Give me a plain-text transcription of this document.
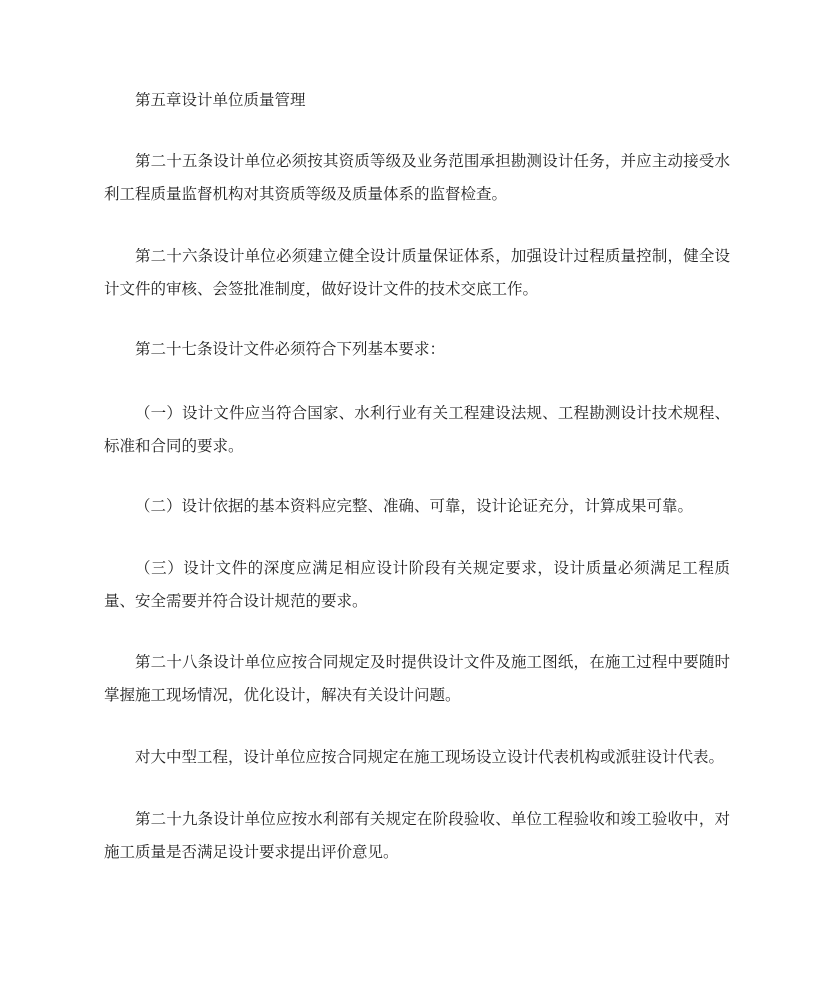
第五章设计单位质量管理

第二十五条设计单位必须按其资质等级及业务范围承担勘测设计任务，并应主动接受水利工程质量监督机构对其资质等级及质量体系的监督检查。

第二十六条设计单位必须建立健全设计质量保证体系，加强设计过程质量控制，健全设计文件的审核、会签批准制度，做好设计文件的技术交底工作。

第二十七条设计文件必须符合下列基本要求：

（一）设计文件应当符合国家、水利行业有关工程建设法规、工程勘测设计技术规程、标准和合同的要求。

（二）设计依据的基本资料应完整、准确、可靠，设计论证充分，计算成果可靠。

（三）设计文件的深度应满足相应设计阶段有关规定要求，设计质量必须满足工程质量、安全需要并符合设计规范的要求。

第二十八条设计单位应按合同规定及时提供设计文件及施工图纸，在施工过程中要随时掌握施工现场情况，优化设计，解决有关设计问题。

对大中型工程，设计单位应按合同规定在施工现场设立设计代表机构或派驻设计代表。

第二十九条设计单位应按水利部有关规定在阶段验收、单位工程验收和竣工验收中，对施工质量是否满足设计要求提出评价意见。
